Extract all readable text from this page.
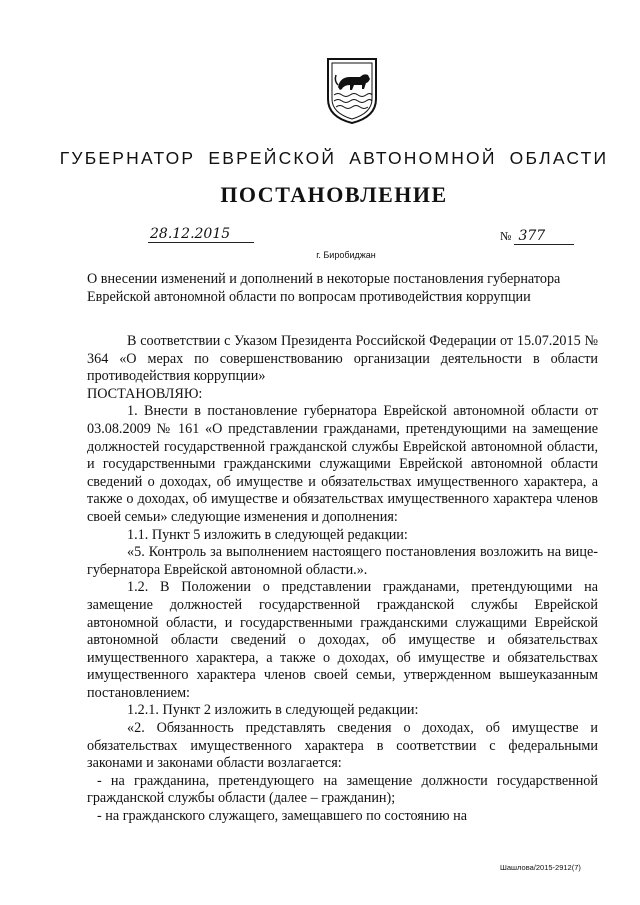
ГУБЕРНАТОР ЕВРЕЙСКОЙ АВТОНОМНОЙ ОБЛАСТИ
ПОСТАНОВЛЕНИЕ
28.12.2015	№ 377
г. Биробиджан
О внесении изменений и дополнений в некоторые постановления губернатора Еврейской автономной области по вопросам противодействия коррупции

В соответствии с Указом Президента Российской Федерации от 15.07.2015 № 364 «О мерах по совершенствованию организации деятельности в области противодействия коррупции»

ПОСТАНОВЛЯЮ:

1. Внести в постановление губернатора Еврейской автономной области от 03.08.2009 № 161 «О представлении гражданами, претендующими на замещение должностей государственной гражданской службы Еврейской автономной области, и государственными гражданскими служащими Еврейской автономной области сведений о доходах, об имуществе и обязательствах имущественного характера, а также о доходах, об имуществе и обязательствах имущественного характера членов своей семьи» следующие изменения и дополнения:

1.1. Пункт 5 изложить в следующей редакции:

«5. Контроль за выполнением настоящего постановления возложить на вице-губернатора Еврейской автономной области.».

1.2. В Положении о представлении гражданами, претендующими на замещение должностей государственной гражданской службы Еврейской автономной области, и государственными гражданскими служащими Еврейской автономной области сведений о доходах, об имуществе и обязательствах имущественного характера, а также о доходах, об имуществе и обязательствах имущественного характера членов своей семьи, утвержденном вышеуказанным постановлением:

1.2.1. Пункт 2 изложить в следующей редакции:

«2. Обязанность представлять сведения о доходах, об имуществе и обязательствах имущественного характера в соответствии с федеральными законами и законами области возлагается:

- на гражданина, претендующего на замещение должности государственной гражданской службы области (далее – гражданин);

- на гражданского служащего, замещавшего по состоянию на

Шашлова/2015-2912(7)
